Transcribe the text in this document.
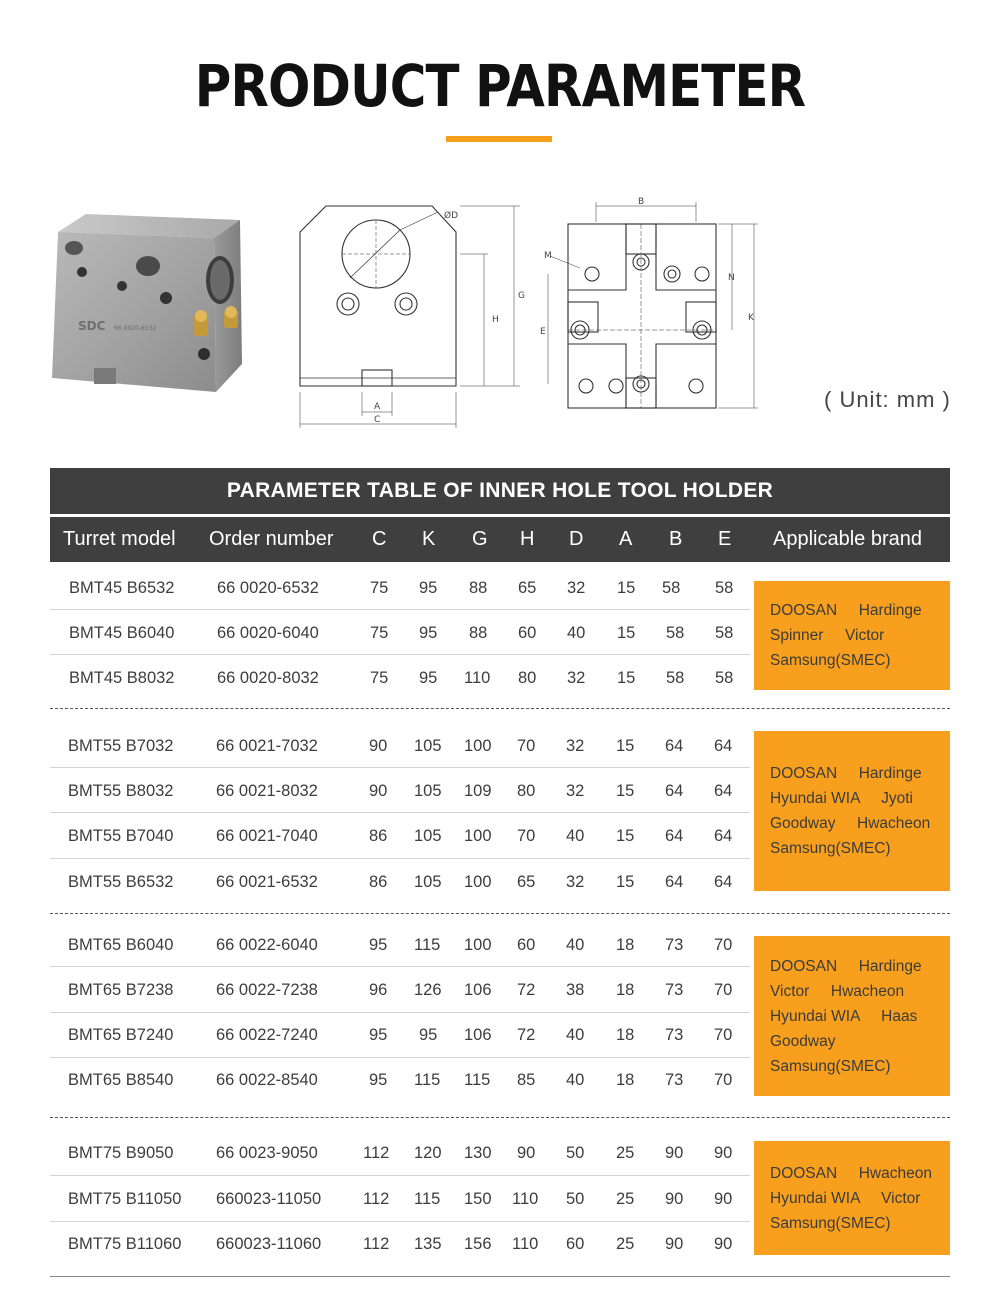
PRODUCT PARAMETER
SDC 66 0020-6532
ØD
H
G
A
C
B
M
E
N
K
( Unit: mm )
PARAMETER TABLE OF INNER HOLE TOOL HOLDER
Turret model Order number C K G H D A B E Applicable brand
BMT45 B6532	66 0020-6532	75 95 88 65 32 15 58 58
BMT45 B6040	66 0020-6040	75 95 88 60 40 15 58 58
BMT45 B8032	66 0020-8032	75 95 110 80 32 15 58 58
DOOSAN     Hardinge
Spinner     Victor
Samsung(SMEC)
BMT55 B7032	66 0021-7032	90 105 100 70 32 15 64 64
BMT55 B8032	66 0021-8032	90 105 109 80 32 15 64 64
BMT55 B7040	66 0021-7040	86 105 100 70 40 15 64 64
BMT55 B6532	66 0021-6532	86 105 100 65 32 15 64 64
DOOSAN     Hardinge
Hyundai WIA     Jyoti
Goodway     Hwacheon
Samsung(SMEC)
BMT65 B6040	66 0022-6040	95 115 100 60 40 18 73 70
BMT65 B7238	66 0022-7238	96 126 106 72 38 18 73 70
BMT65 B7240	66 0022-7240	95 95 106 72 40 18 73 70
BMT65 B8540	66 0022-8540	95 115 115 85 40 18 73 70
DOOSAN     Hardinge
Victor     Hwacheon
Hyundai WIA     Haas
Goodway
Samsung(SMEC)
BMT75 B9050	66 0023-9050	112 120 130 90 50 25 90 90
BMT75 B11050 660023-11050	112 115 150 110 50 25 90 90
BMT75 B11060 660023-11060	112 135 156 110 60 25 90 90
DOOSAN     Hwacheon
Hyundai WIA     Victor
Samsung(SMEC)
